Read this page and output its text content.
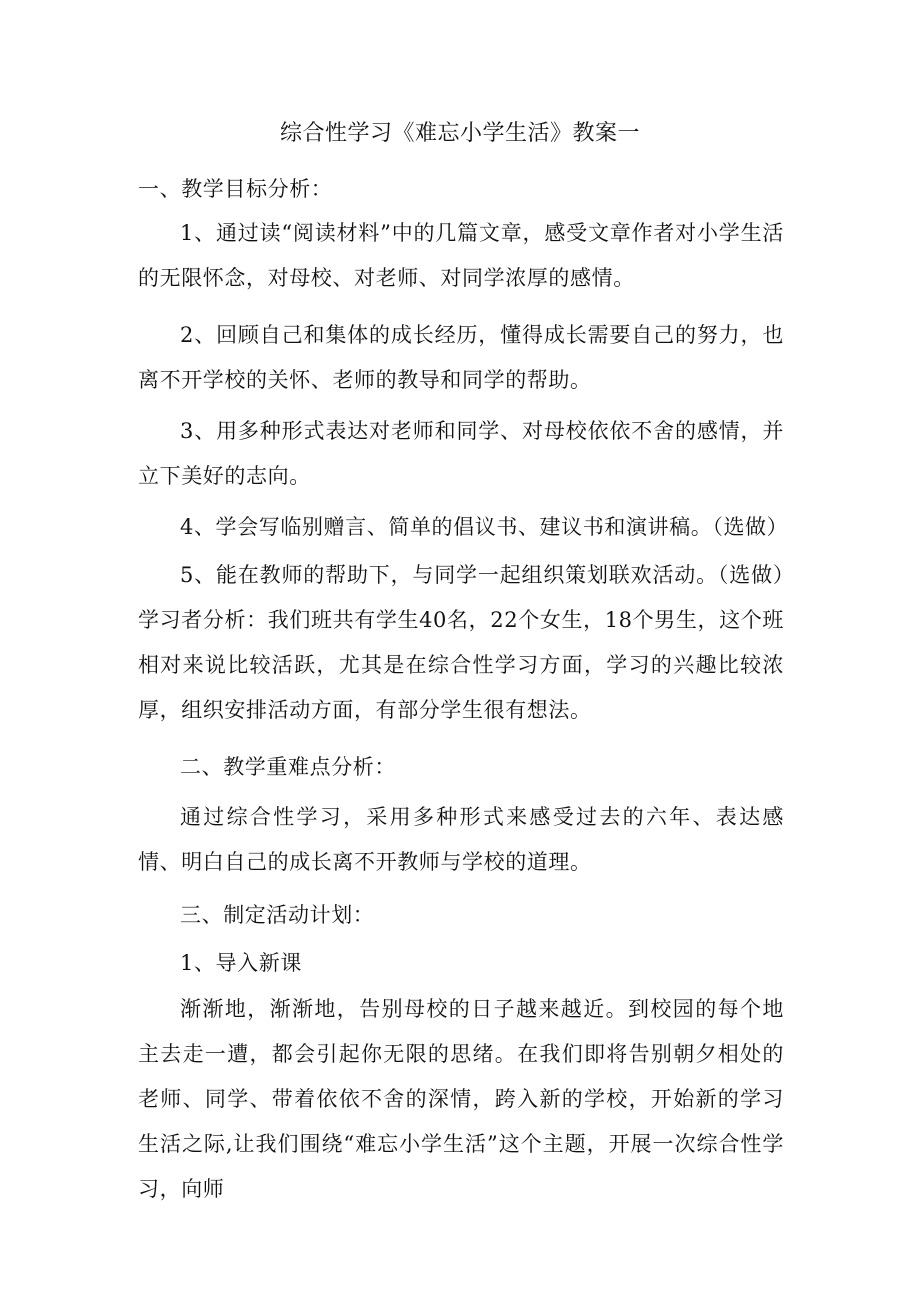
综合性学习《难忘小学生活》教案一

一、教学目标分析：

1、通过读“阅读材料”中的几篇文章，感受文章作者对小学生活的无限怀念，对母校、对老师、对同学浓厚的感情。

2、回顾自己和集体的成长经历，懂得成长需要自己的努力，也离不开学校的关怀、老师的教导和同学的帮助。

3、用多种形式表达对老师和同学、对母校依依不舍的感情，并立下美好的志向。

4、学会写临别赠言、简单的倡议书、建议书和演讲稿。（选做）

5、能在教师的帮助下，与同学一起组织策划联欢活动。（选做）学习者分析：我们班共有学生40名，22个女生，18个男生，这个班相对来说比较活跃，尤其是在综合性学习方面，学习的兴趣比较浓厚，组织安排活动方面，有部分学生很有想法。

二、教学重难点分析：

通过综合性学习，采用多种形式来感受过去的六年、表达感情、明白自己的成长离不开教师与学校的道理。

三、制定活动计划：

1、导入新课

渐渐地，渐渐地，告别母校的日子越来越近。到校园的每个地主去走一遭，都会引起你无限的思绪。在我们即将告别朝夕相处的老师、同学、带着依依不舍的深情，跨入新的学校，开始新的学习生活之际,让我们围绕“难忘小学生活”这个主题，开展一次综合性学习，向师
